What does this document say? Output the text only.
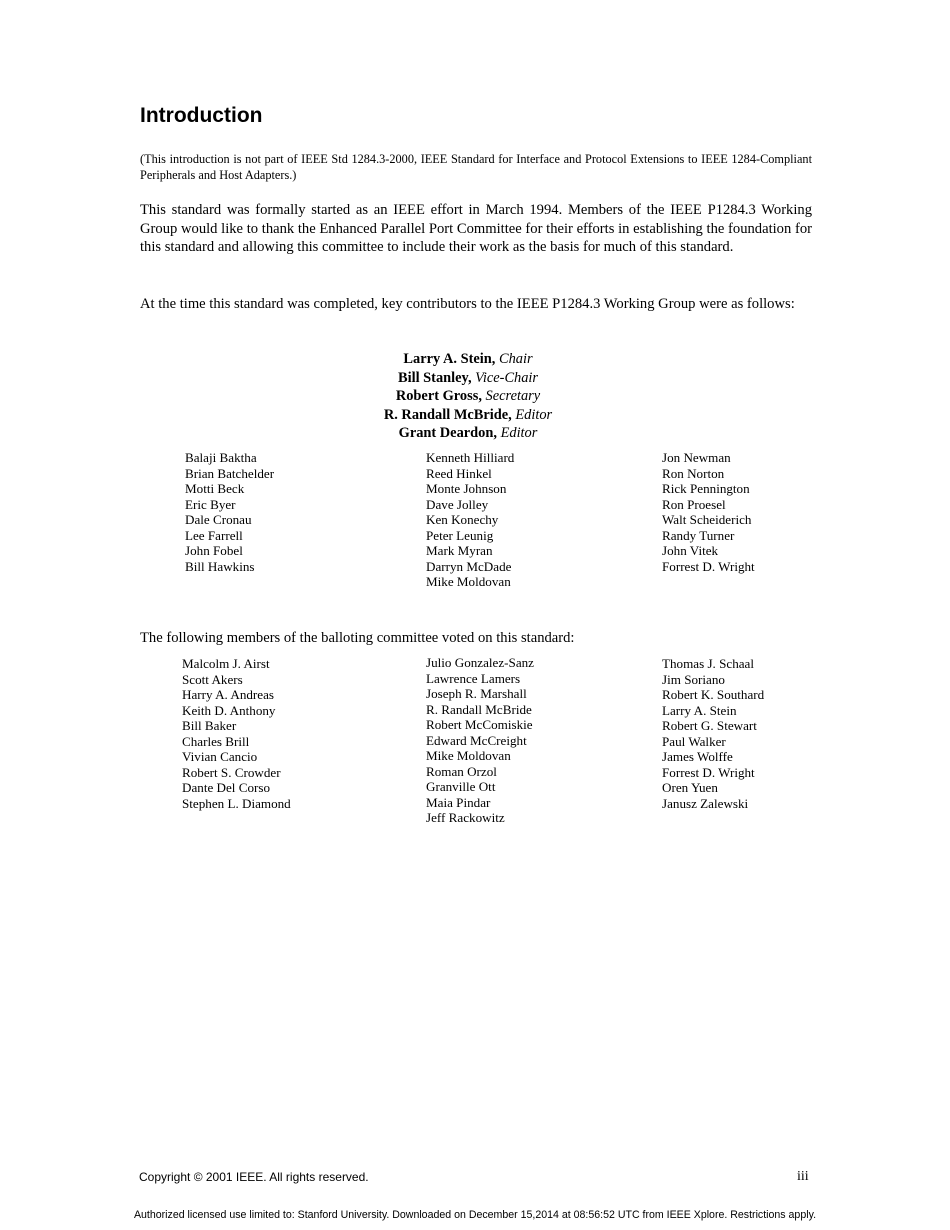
Introduction

(This introduction is not part of IEEE Std 1284.3-2000, IEEE Standard for Interface and Protocol Extensions to IEEE 1284-Compliant Peripherals and Host Adapters.)

This standard was formally started as an IEEE effort in March 1994. Members of the IEEE P1284.3 Working Group would like to thank the Enhanced Parallel Port Committee for their efforts in establishing the foundation for this standard and allowing this committee to include their work as the basis for much of this standard.

At the time this standard was completed, key contributors to the IEEE P1284.3 Working Group were as follows:

Larry A. Stein, Chair
Bill Stanley, Vice-Chair
Robert Gross, Secretary
R. Randall McBride, Editor
Grant Deardon, Editor
Balaji Baktha
Brian Batchelder
Motti Beck
Eric Byer
Dale Cronau
Lee Farrell
John Fobel
Bill Hawkins
Kenneth Hilliard
Reed Hinkel
Monte Johnson
Dave Jolley
Ken Konechy
Peter Leunig
Mark Myran
Darryn McDade
Mike Moldovan
Jon Newman
Ron Norton
Rick Pennington
Ron Proesel
Walt Scheiderich
Randy Turner
John Vitek
Forrest D. Wright

The following members of the balloting committee voted on this standard:

Malcolm J. Airst
Scott Akers
Harry A. Andreas
Keith D. Anthony
Bill Baker
Charles Brill
Vivian Cancio
Robert S. Crowder
Dante Del Corso
Stephen L. Diamond
Julio Gonzalez-Sanz
Lawrence Lamers
Joseph R. Marshall
R. Randall McBride
Robert McComiskie
Edward McCreight
Mike Moldovan
Roman Orzol
Granville Ott
Maia Pindar
Jeff Rackowitz
Thomas J. Schaal
Jim Soriano
Robert K. Southard
Larry A. Stein
Robert G. Stewart
Paul Walker
James Wolffe
Forrest D. Wright
Oren Yuen
Janusz Zalewski
Copyright © 2001 IEEE. All rights reserved.	iii
Authorized licensed use limited to: Stanford University. Downloaded on December 15,2014 at 08:56:52 UTC from IEEE Xplore. Restrictions apply.
